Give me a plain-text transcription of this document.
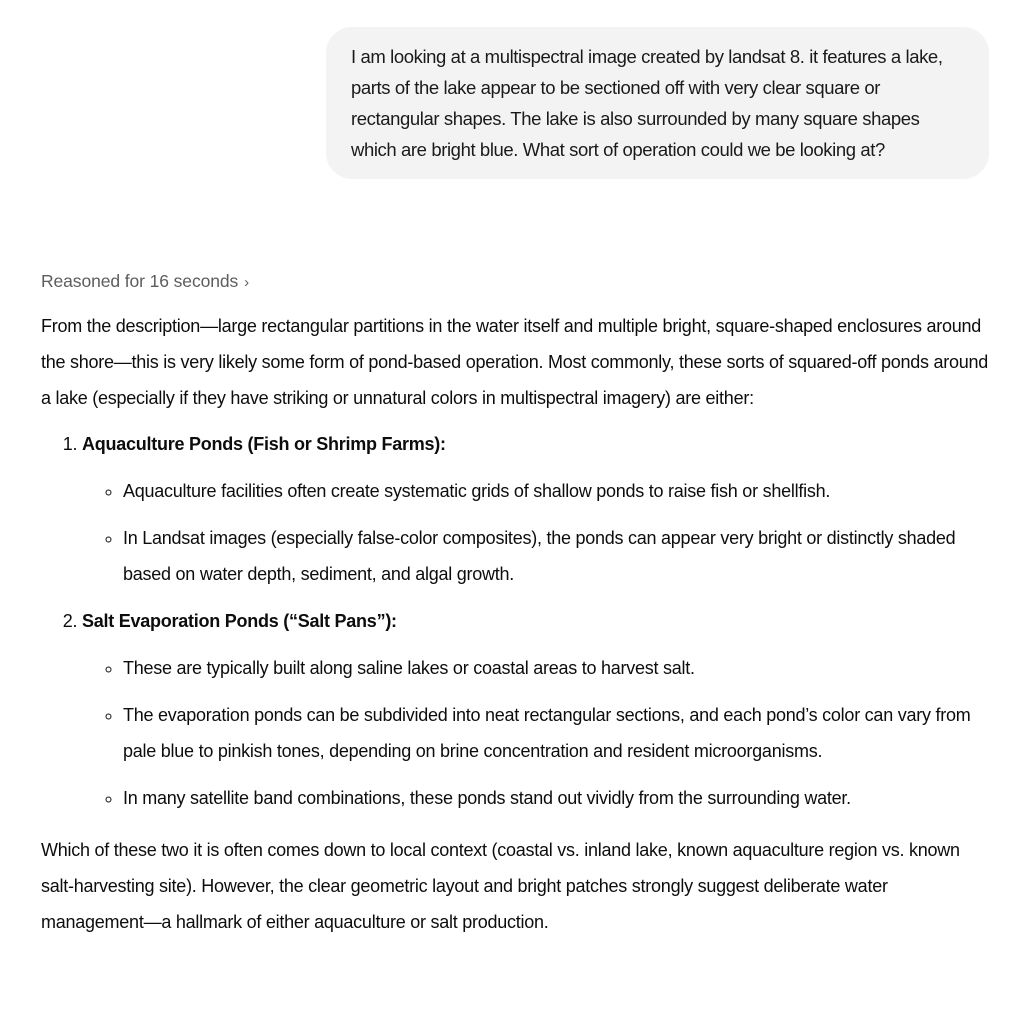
I am looking at a multispectral image created by landsat 8. it features a lake, parts of the lake appear to be sectioned off with very clear square or rectangular shapes. The lake is also surrounded by many square shapes which are bright blue. What sort of operation could we be looking at?
Reasoned for 16 seconds ›

From the description—large rectangular partitions in the water itself and multiple bright, square-shaped enclosures around the shore—this is very likely some form of pond-based operation. Most commonly, these sorts of squared-off ponds around a lake (especially if they have striking or unnatural colors in multispectral imagery) are either:

1. Aquaculture Ponds (Fish or Shrimp Farms):
◦ Aquaculture facilities often create systematic grids of shallow ponds to raise fish or shellfish.
◦ In Landsat images (especially false-color composites), the ponds can appear very bright or distinctly shaded based on water depth, sediment, and algal growth.
2. Salt Evaporation Ponds (“Salt Pans”):
◦ These are typically built along saline lakes or coastal areas to harvest salt.
◦ The evaporation ponds can be subdivided into neat rectangular sections, and each pond’s color can vary from pale blue to pinkish tones, depending on brine concentration and resident microorganisms.
◦ In many satellite band combinations, these ponds stand out vividly from the surrounding water.

Which of these two it is often comes down to local context (coastal vs. inland lake, known aquaculture region vs. known salt-harvesting site). However, the clear geometric layout and bright patches strongly suggest deliberate water management—a hallmark of either aquaculture or salt production.
